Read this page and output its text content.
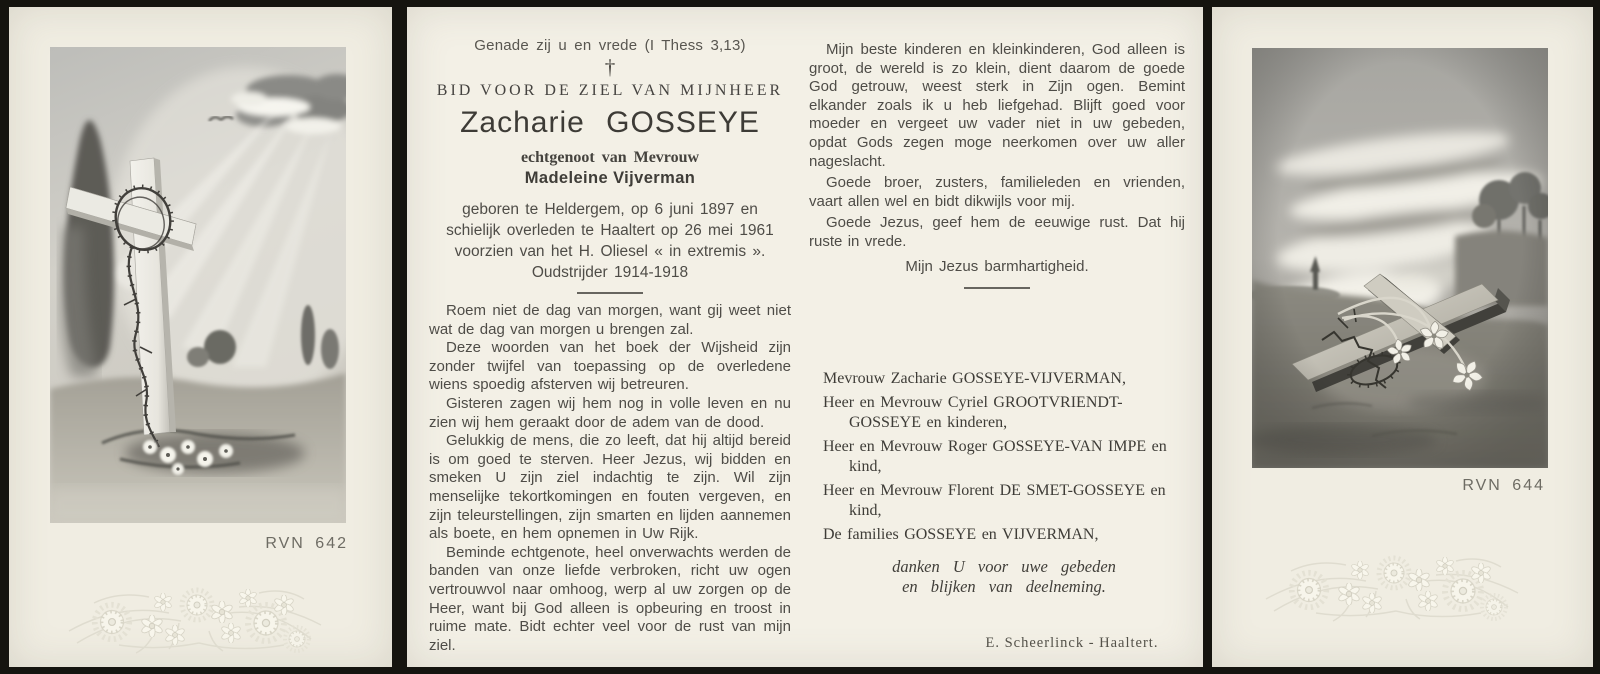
RVN 642
Genade zij u en vrede (I Thess 3,13)
†
BID VOOR DE ZIEL VAN MIJNHEER
Zacharie GOSSEYE
echtgenoot van Mevrouw
Madeleine Vijverman
geboren te Heldergem, op 6 juni 1897 en
schielijk overleden te Haaltert op 26 mei 1961
voorzien van het H. Oliesel « in extremis ».
Oudstrijder 1914-1918

Roem niet de dag van morgen, want gij weet niet wat de dag van morgen u brengen zal.

Deze woorden van het boek der Wijsheid zijn zonder twijfel van toepassing op de overledene wiens spoedig afsterven wij betreuren.

Gisteren zagen wij hem nog in volle leven en nu zien wij hem geraakt door de adem van de dood.

Gelukkig de mens, die zo leeft, dat hij altijd bereid is om goed te sterven. Heer Jezus, wij bidden en smeken U zijn ziel indachtig te zijn. Wil zijn menselijke tekortkomingen en fouten vergeven, en zijn teleurstellingen, zijn smarten en lijden aannemen als boete, en hem opnemen in Uw Rijk.

Beminde echtgenote, heel onverwachts werden de banden van onze liefde verbroken, richt uw ogen vertrouwvol naar omhoog, werp al uw zorgen op de Heer, want bij God alleen is opbeuring en troost in ruime mate. Bidt echter veel voor de rust van mijn ziel.

Mijn beste kinderen en kleinkinderen, God alleen is groot, de wereld is zo klein, dient daarom de goede God getrouw, weest sterk in Zijn ogen. Bemint elkander zoals ik u heb liefgehad. Blijft goed voor moeder en vergeet uw vader niet in uw gebeden, opdat Gods zegen moge neerkomen over uw aller nageslacht.

Goede broer, zusters, familieleden en vrienden, vaart allen wel en bidt dikwijls voor mij.

Goede Jezus, geef hem de eeuwige rust. Dat hij ruste in vrede.

Mijn Jezus barmhartigheid.
Mevrouw Zacharie GOSSEYE-VIJVERMAN,
Heer en Mevrouw Cyriel GROOTVRIENDT-GOSSEYE en kinderen,
Heer en Mevrouw Roger GOSSEYE-VAN IMPE en kind,
Heer en Mevrouw Florent DE SMET-GOSSEYE en kind,
De families GOSSEYE en VIJVERMAN,
danken U voor uwe gebeden
en blijken van deelneming.
E. Scheerlinck - Haaltert.
RVN 644
